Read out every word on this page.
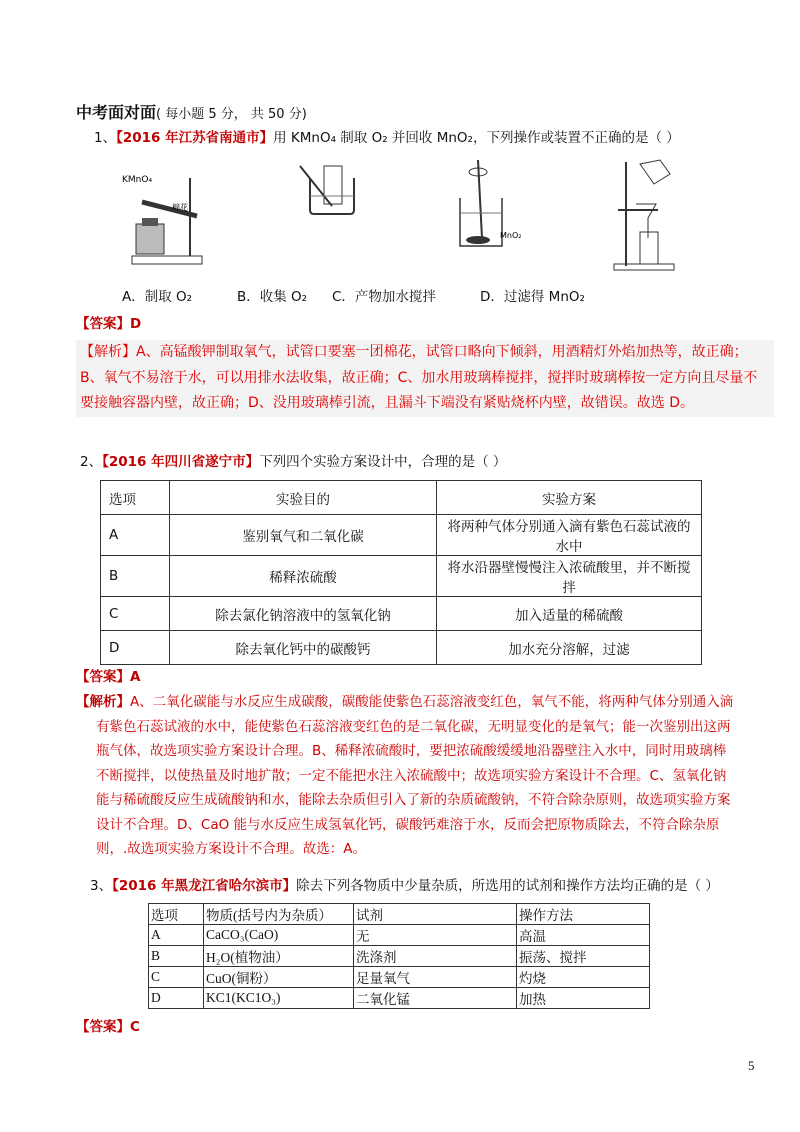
中考面对面( 每小题 5 分， 共 50 分)
1、【2016 年江苏省南通市】用 KMnO₄ 制取 O₂ 并回收 MnO₂，下列操作或装置不正确的是（ ）
KMnO₄
棉花
MnO₂
A．制取 O₂	B．收集 O₂ C．产物加水搅拌	D．过滤得 MnO₂
【答案】D
【解析】A、高锰酸钾制取氧气，试管口要塞一团棉花，试管口略向下倾斜，用酒精灯外焰加热等，故正确；B、氧气不易溶于水，可以用排水法收集，故正确；C、加水用玻璃棒搅拌，搅拌时玻璃棒按一定方向且尽量不要接触容器内壁，故正确；D、没用玻璃棒引流，且漏斗下端没有紧贴烧杯内壁，故错误。故选 D。
2、【2016 年四川省遂宁市】下列四个实验方案设计中，合理的是（ ）
选项	实验目的	实验方案
A	鉴别氧气和二氧化碳	将两种气体分别通入滴有紫色石蕊试液的水中
B	稀释浓硫酸	将水沿器壁慢慢注入浓硫酸里，并不断搅拌
C	除去氯化钠溶液中的氢氧化钠	加入适量的稀硫酸
D	除去氧化钙中的碳酸钙	加水充分溶解，过滤
【答案】A
【解析】A、二氧化碳能与水反应生成碳酸，碳酸能使紫色石蕊溶液变红色，氧气不能，将两种气体分别通入滴
有紫色石蕊试液的水中，能使紫色石蕊溶液变红色的是二氧化碳，无明显变化的是氧气；能一次鉴别出这两瓶气体，故选项实验方案设计合理。B、稀释浓硫酸时，要把浓硫酸缓缓地沿器壁注入水中，同时用玻璃棒不断搅拌，以使热量及时地扩散；一定不能把水注入浓硫酸中；故选项实验方案设计不合理。C、氢氧化钠能与稀硫酸反应生成硫酸钠和水，能除去杂质但引入了新的杂质硫酸钠，不符合除杂原则，故选项实验方案设计不合理。D、CaO 能与水反应生成氢氧化钙，碳酸钙难溶于水，反而会把原物质除去，不符合除杂原则，.故选项实验方案设计不合理。故选：A。
3、【2016 年黑龙江省哈尔滨市】除去下列各物质中少量杂质，所选用的试剂和操作方法均正确的是（ ）
选项	物质(括号内为杂质）	试剂	操作方法
A	CaCO₃(CaO)	无	高温
B	H₂O(植物油）	洗涤剂	振荡、搅拌
C	CuO(铜粉）	足量氧气	灼烧
D	KC1(KC1O₃)	二氧化锰	加热
【答案】C
5
